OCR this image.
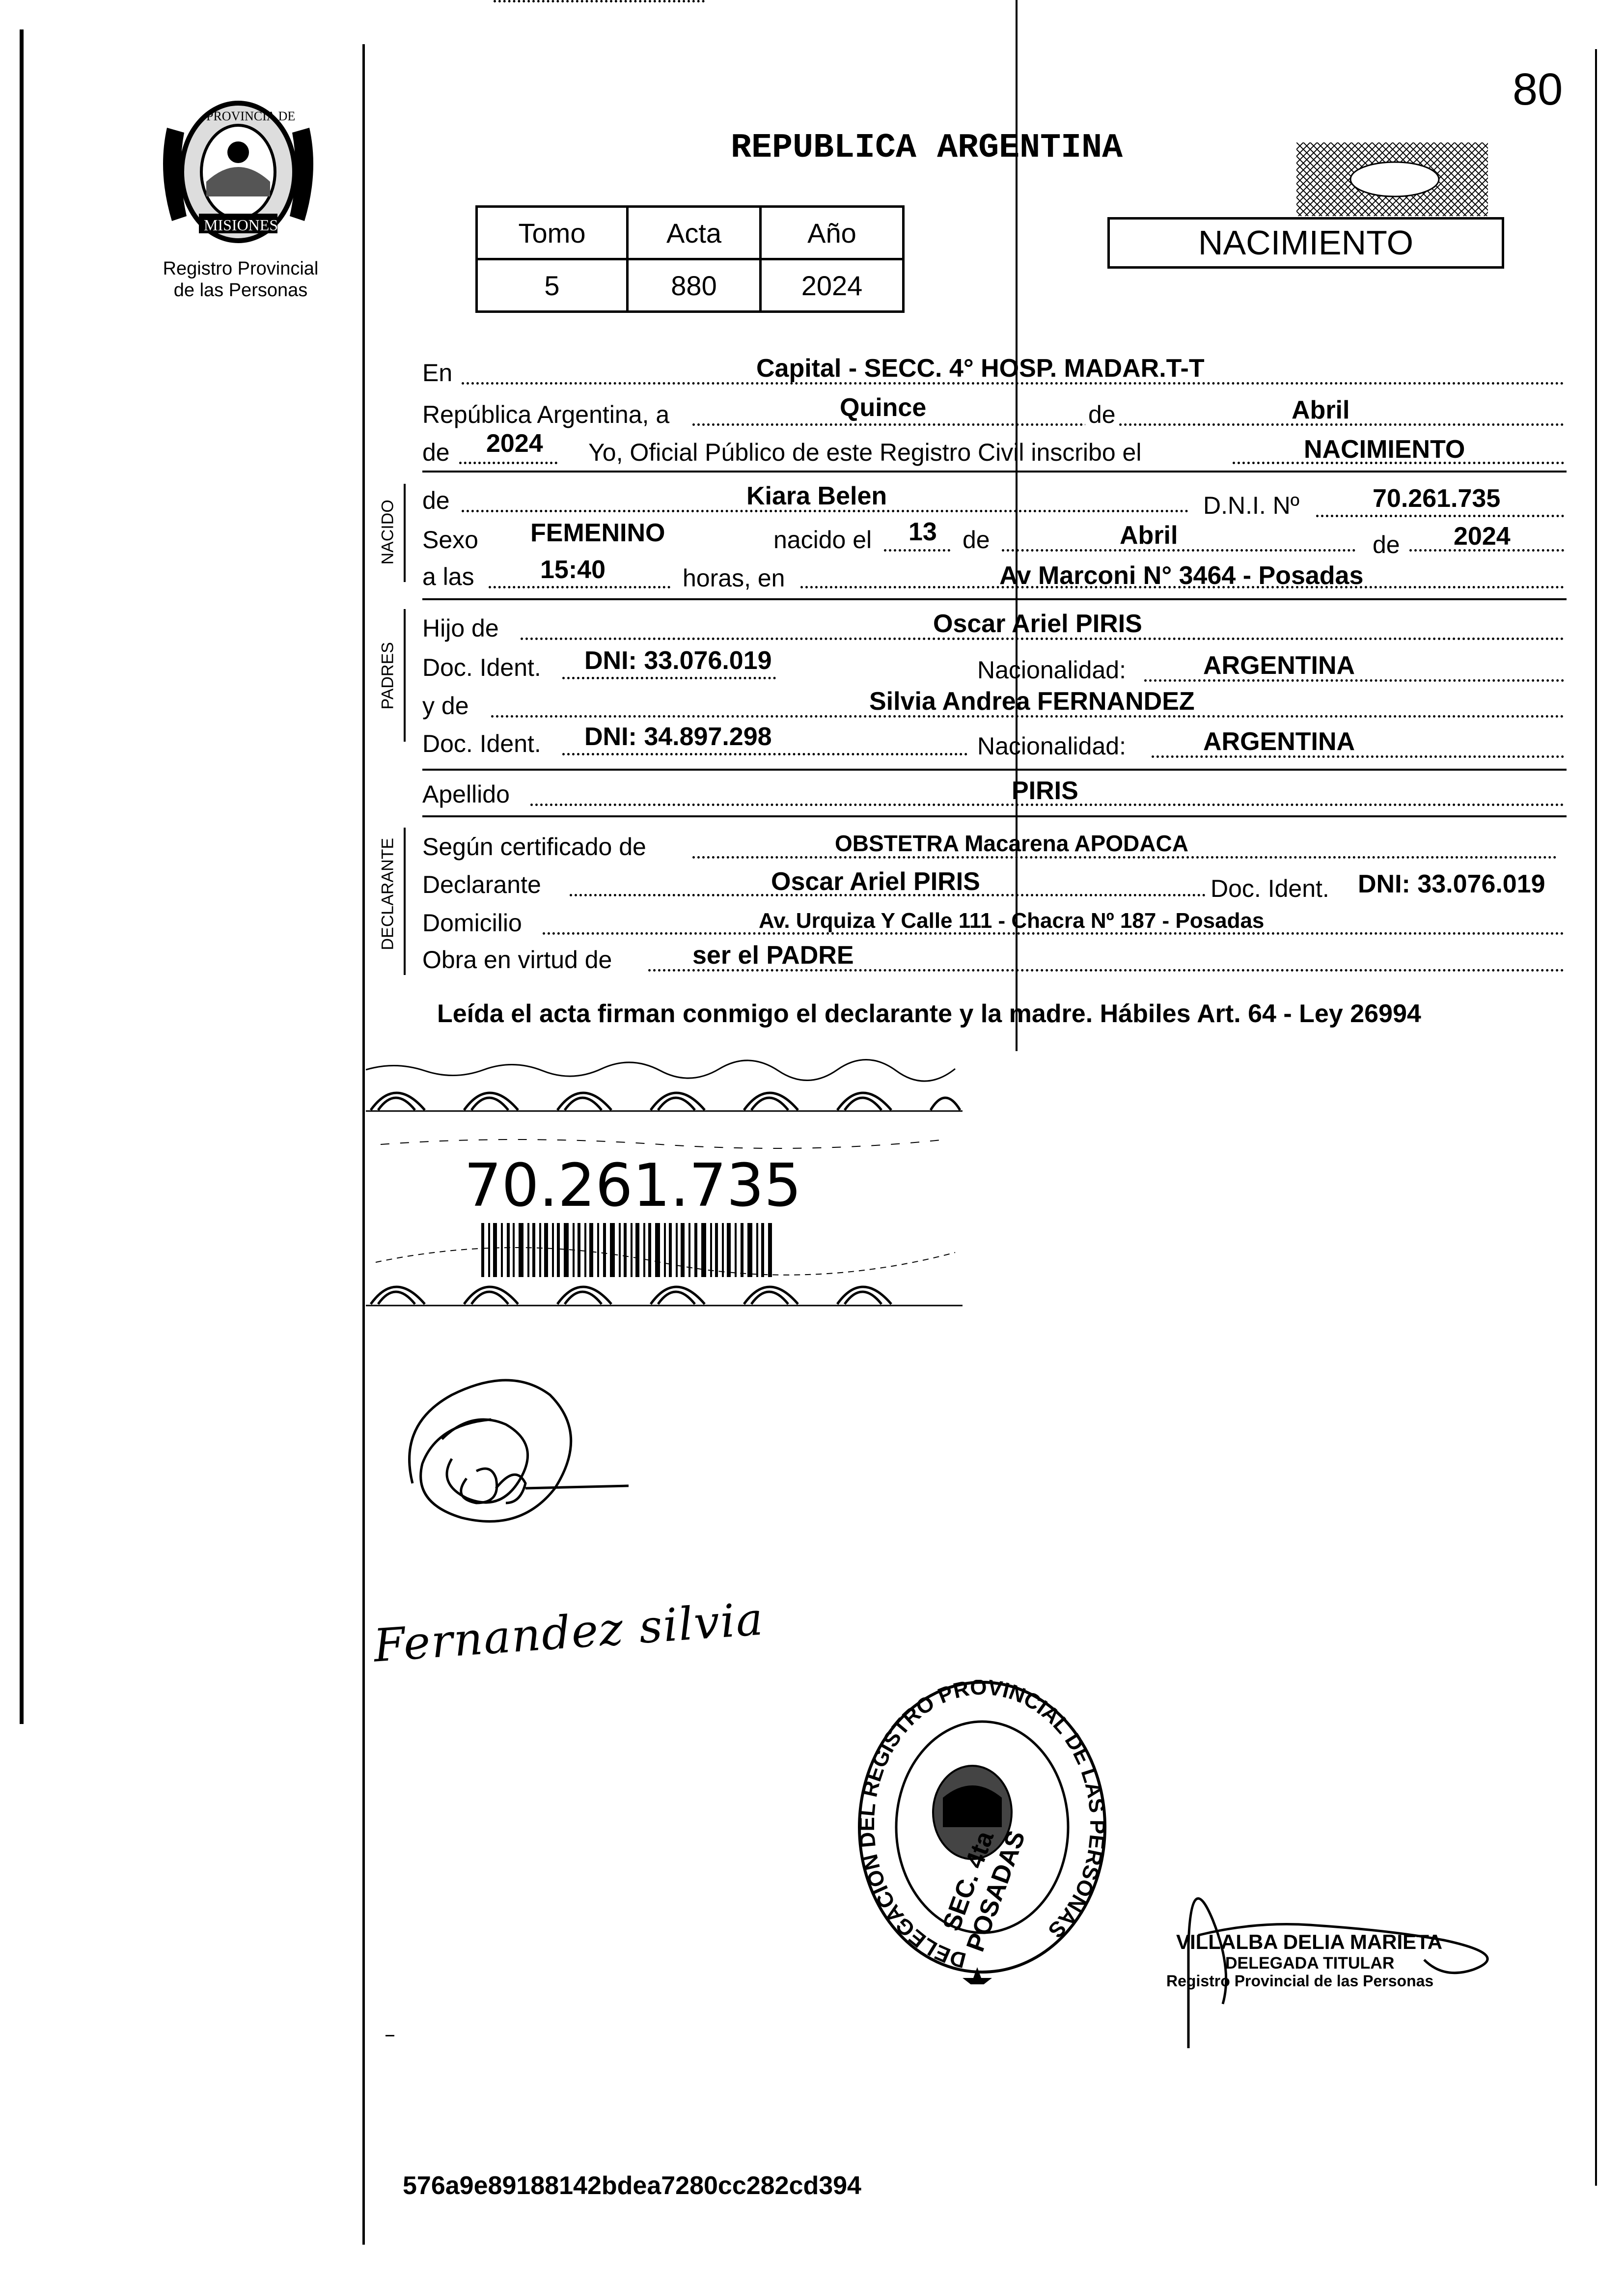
80
PROVINCIA DE
MISIONES
Registro Provincial
de las Personas
REPUBLICA ARGENTINA
Tomo	Acta	Año
5	880	2024
NACIMIENTO
En	Capital - SECC. 4° HOSP. MADAR.T-T
República Argentina, a	Quince	de	Abril
de 2024 Yo, Oficial Público de este Registro Civil inscribo el	NACIMIENTO
NACIDO de	Kiara Belen	D.N.I. Nº	70.261.735
Sexo FEMENINO	nacido el 13 de	Abril	de 2024
a las	15:40	horas, en	Av Marconi N° 3464 - Posadas
PADRES
Hijo de	Oscar Ariel PIRIS
Doc. Ident. DNI: 33.076.019	Nacionalidad:	ARGENTINA
y de	Silvia Andrea FERNANDEZ
Doc. Ident. DNI: 34.897.298	Nacionalidad:	ARGENTINA
Apellido	PIRIS
DECLARANTE Según certificado de	OBSTETRA Macarena APODACA
Declarante	Oscar Ariel PIRIS	Doc. Ident. DNI: 33.076.019
Domicilio	Av. Urquiza Y Calle 111 - Chacra Nº 187 - Posadas
Obra en virtud de	ser el PADRE
Leída el acta firman conmigo el declarante y la madre. Hábiles Art. 64 - Ley 26994
70.261.735
Fernandez silvia
DELEGACION DEL REGISTRO PROVINCIAL DE LAS PERSONAS
SEC. 4ta POSADAS	VILLALBA DELIA MARIETA
DELEGADA TITULAR
Registro Provincial de las Personas
576a9e89188142bdea7280cc282cd394
